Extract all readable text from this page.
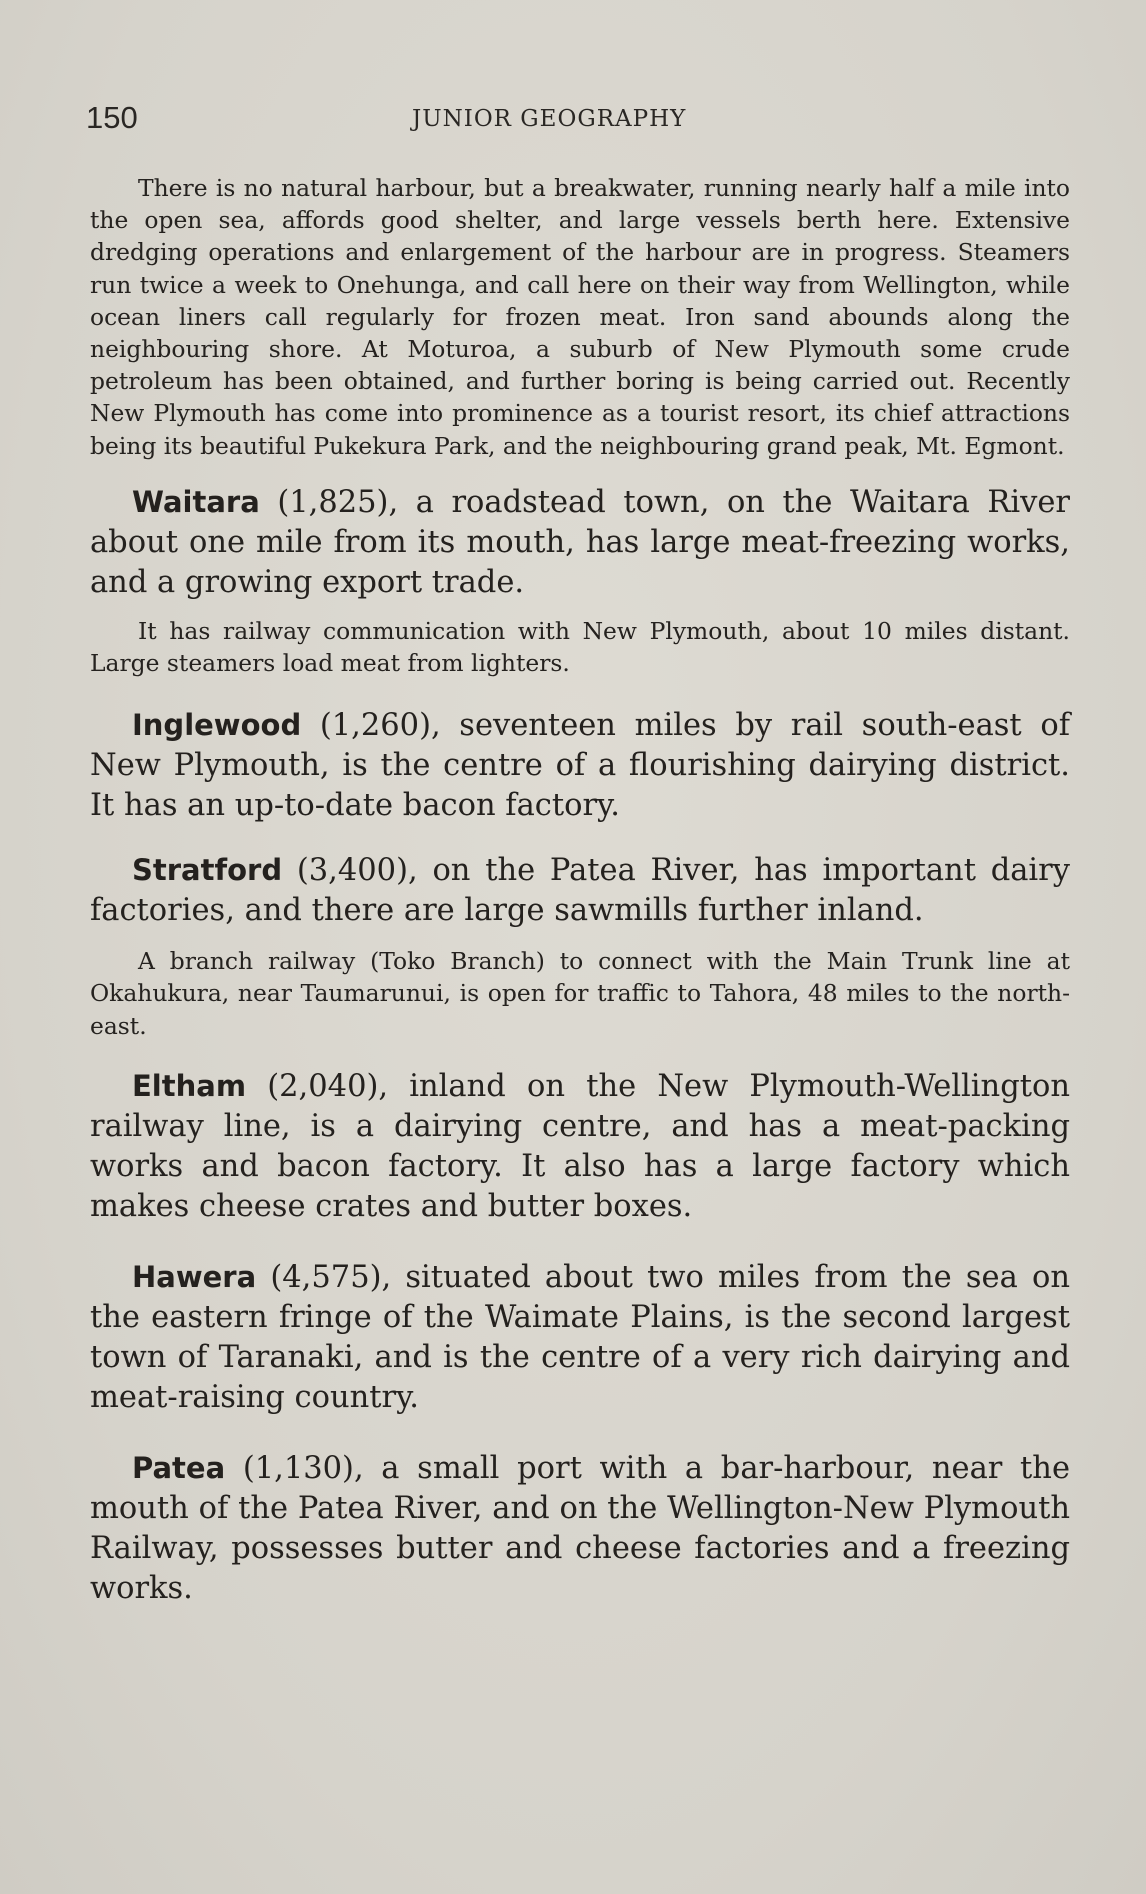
150	JUNIOR GEOGRAPHY

There is no natural harbour, but a breakwater, running nearly half a mile into the open sea, affords good shelter, and large vessels berth here. Extensive dredging operations and enlargement of the harbour are in progress. Steamers run twice a week to Onehunga, and call here on their way from Wellington, while ocean liners call regularly for frozen meat. Iron sand abounds along the neighbouring shore. At Moturoa, a suburb of New Plymouth some crude petroleum has been obtained, and further boring is being carried out. Recently New Plymouth has come into prominence as a tourist resort, its chief attractions being its beautiful Pukekura Park, and the neighbouring grand peak, Mt. Egmont.

Waitara (1,825), a roadstead town, on the Waitara River about one mile from its mouth, has large meat-freezing works, and a growing export trade.

It has railway communication with New Plymouth, about 10 miles distant. Large steamers load meat from lighters.

Inglewood (1,260), seventeen miles by rail south-east of New Plymouth, is the centre of a flourishing dairying district. It has an up-to-date bacon factory.

Stratford (3,400), on the Patea River, has important dairy factories, and there are large sawmills further inland.

A branch railway (Toko Branch) to connect with the Main Trunk line at Okahukura, near Taumarunui, is open for traffic to Tahora, 48 miles to the north-east.

Eltham (2,040), inland on the New Plymouth-Wellington railway line, is a dairying centre, and has a meat-packing works and bacon factory. It also has a large factory which makes cheese crates and butter boxes.

Hawera (4,575), situated about two miles from the sea on the eastern fringe of the Waimate Plains, is the second largest town of Taranaki, and is the centre of a very rich dairying and meat-raising country.

Patea (1,130), a small port with a bar-harbour, near the mouth of the Patea River, and on the Wellington-New Plymouth Railway, possesses butter and cheese factories and a freezing works.
